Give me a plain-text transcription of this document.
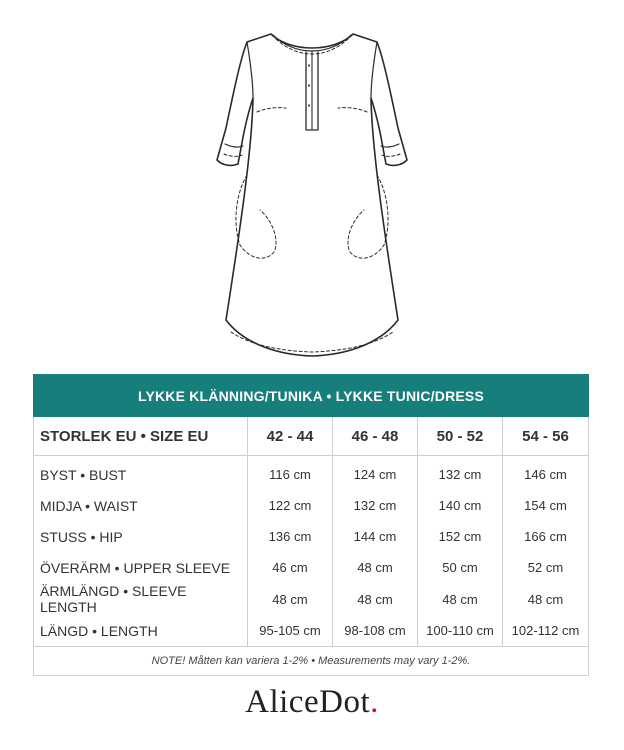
LYKKE KLÄNNING/TUNIKA • LYKKE TUNIC/DRESS				
STORLEK EU • SIZE EU	42 - 44	46 - 48	50 - 52	54 - 56
BYST • BUST	116 cm	124 cm	132 cm	146 cm
MIDJA • WAIST	122 cm	132 cm	140 cm	154 cm
STUSS • HIP	136 cm	144 cm	152 cm	166 cm
ÖVERÄRM • UPPER SLEEVE	46 cm	48 cm	50 cm	52 cm
ÄRMLÄNGD • SLEEVE LENGTH	48 cm	48 cm	48 cm	48 cm
LÄNGD • LENGTH	95-105 cm	98-108 cm	100-110 cm	102-112 cm
NOTE! Måtten kan variera 1-2% • Measurements may vary 1-2%.				
AliceDot.
